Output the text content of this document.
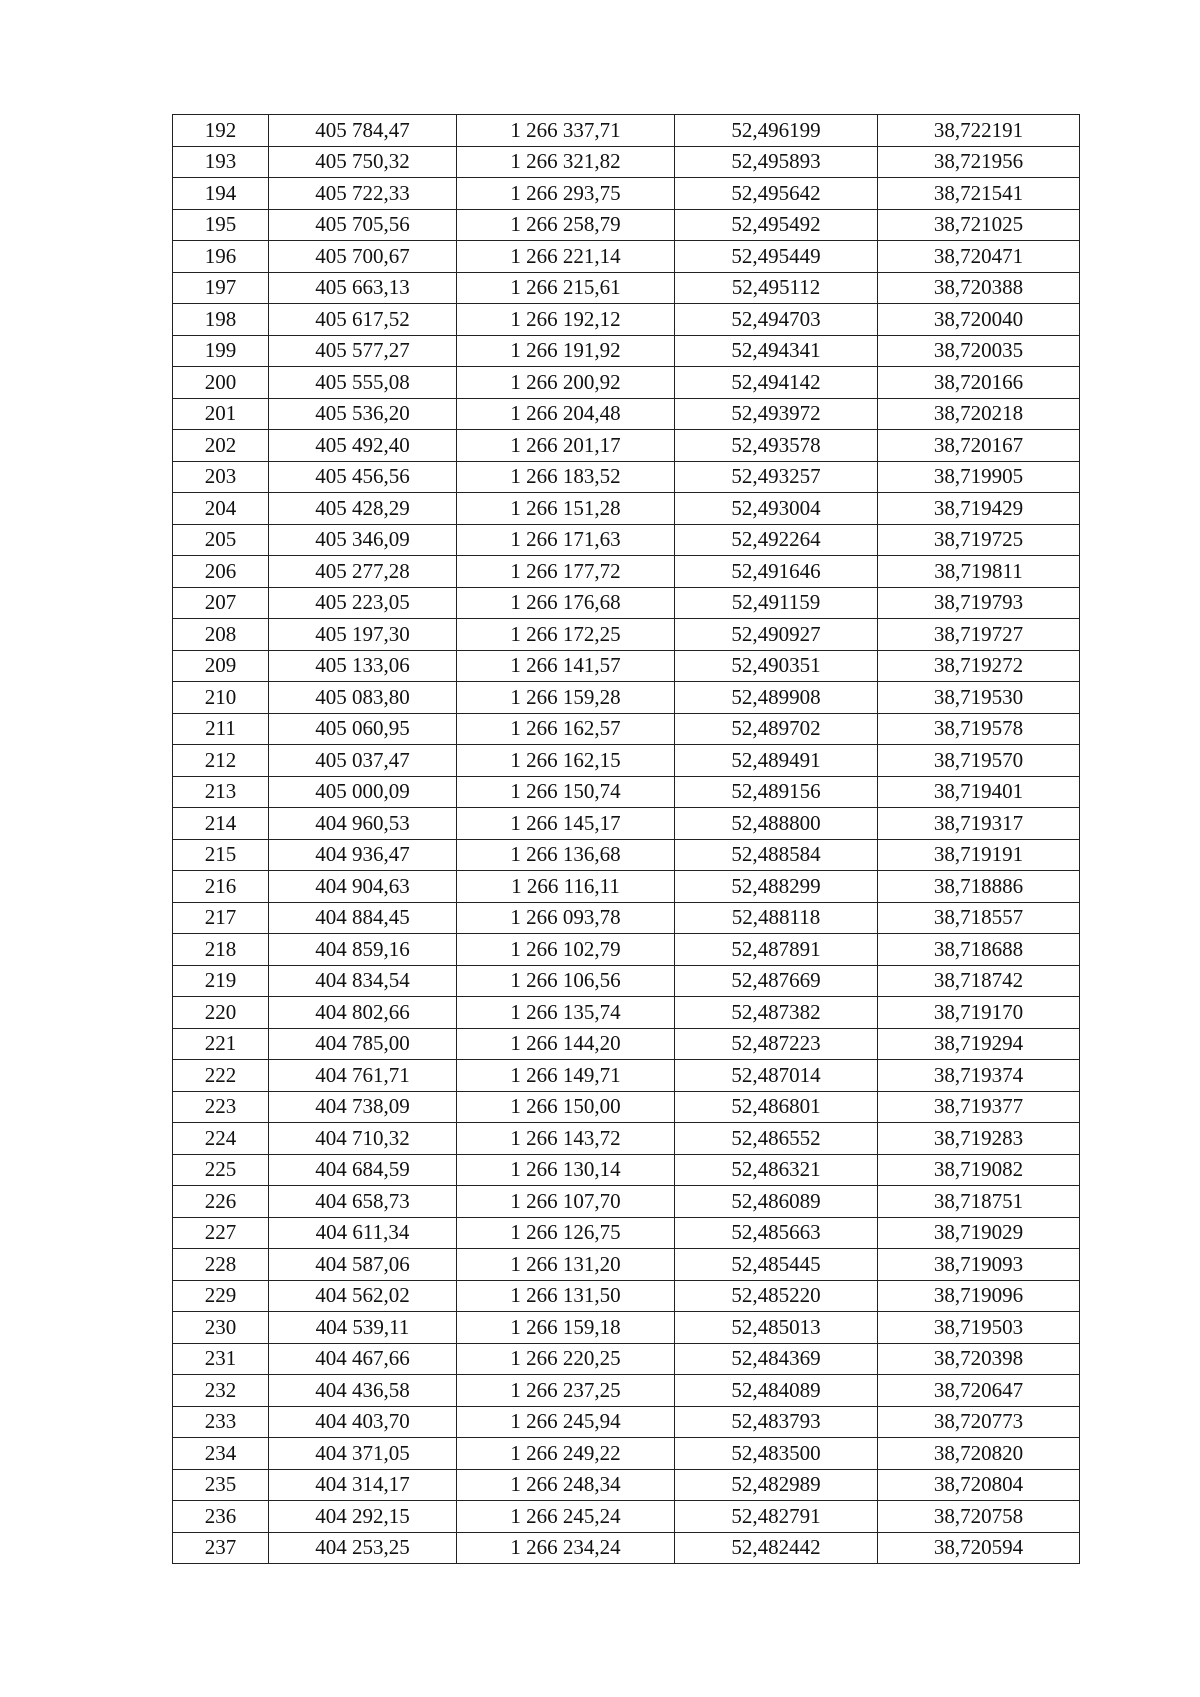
192	405 784,47	1 266 337,71	52,496199	38,722191
193	405 750,32	1 266 321,82	52,495893	38,721956
194	405 722,33	1 266 293,75	52,495642	38,721541
195	405 705,56	1 266 258,79	52,495492	38,721025
196	405 700,67	1 266 221,14	52,495449	38,720471
197	405 663,13	1 266 215,61	52,495112	38,720388
198	405 617,52	1 266 192,12	52,494703	38,720040
199	405 577,27	1 266 191,92	52,494341	38,720035
200	405 555,08	1 266 200,92	52,494142	38,720166
201	405 536,20	1 266 204,48	52,493972	38,720218
202	405 492,40	1 266 201,17	52,493578	38,720167
203	405 456,56	1 266 183,52	52,493257	38,719905
204	405 428,29	1 266 151,28	52,493004	38,719429
205	405 346,09	1 266 171,63	52,492264	38,719725
206	405 277,28	1 266 177,72	52,491646	38,719811
207	405 223,05	1 266 176,68	52,491159	38,719793
208	405 197,30	1 266 172,25	52,490927	38,719727
209	405 133,06	1 266 141,57	52,490351	38,719272
210	405 083,80	1 266 159,28	52,489908	38,719530
211	405 060,95	1 266 162,57	52,489702	38,719578
212	405 037,47	1 266 162,15	52,489491	38,719570
213	405 000,09	1 266 150,74	52,489156	38,719401
214	404 960,53	1 266 145,17	52,488800	38,719317
215	404 936,47	1 266 136,68	52,488584	38,719191
216	404 904,63	1 266 116,11	52,488299	38,718886
217	404 884,45	1 266 093,78	52,488118	38,718557
218	404 859,16	1 266 102,79	52,487891	38,718688
219	404 834,54	1 266 106,56	52,487669	38,718742
220	404 802,66	1 266 135,74	52,487382	38,719170
221	404 785,00	1 266 144,20	52,487223	38,719294
222	404 761,71	1 266 149,71	52,487014	38,719374
223	404 738,09	1 266 150,00	52,486801	38,719377
224	404 710,32	1 266 143,72	52,486552	38,719283
225	404 684,59	1 266 130,14	52,486321	38,719082
226	404 658,73	1 266 107,70	52,486089	38,718751
227	404 611,34	1 266 126,75	52,485663	38,719029
228	404 587,06	1 266 131,20	52,485445	38,719093
229	404 562,02	1 266 131,50	52,485220	38,719096
230	404 539,11	1 266 159,18	52,485013	38,719503
231	404 467,66	1 266 220,25	52,484369	38,720398
232	404 436,58	1 266 237,25	52,484089	38,720647
233	404 403,70	1 266 245,94	52,483793	38,720773
234	404 371,05	1 266 249,22	52,483500	38,720820
235	404 314,17	1 266 248,34	52,482989	38,720804
236	404 292,15	1 266 245,24	52,482791	38,720758
237	404 253,25	1 266 234,24	52,482442	38,720594
